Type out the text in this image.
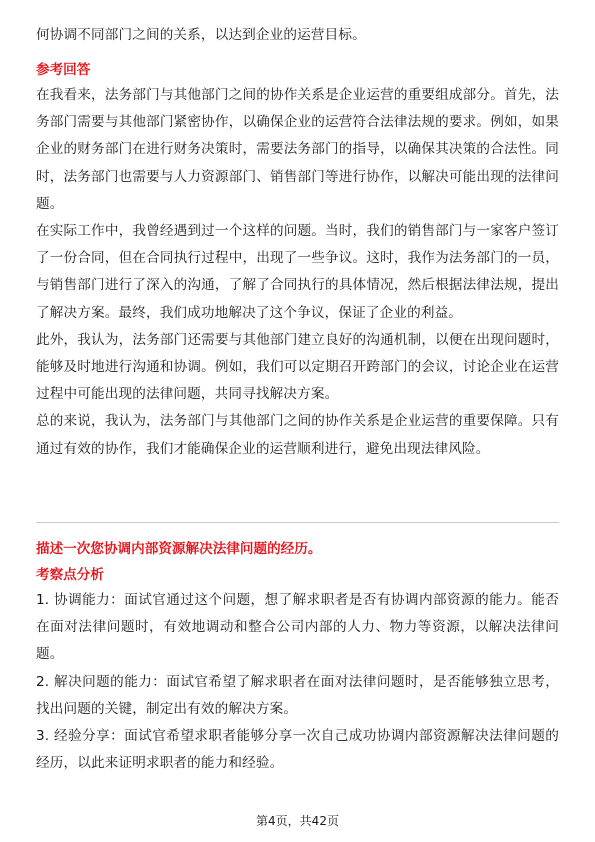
何协调不同部门之间的关系，以达到企业的运营目标。

参考回答

在我看来，法务部门与其他部门之间的协作关系是企业运营的重要组成部分。首先，法务部门需要与其他部门紧密协作，以确保企业的运营符合法律法规的要求。例如，如果企业的财务部门在进行财务决策时，需要法务部门的指导，以确保其决策的合法性。同时，法务部门也需要与人力资源部门、销售部门等进行协作，以解决可能出现的法律问题。

在实际工作中，我曾经遇到过一个这样的问题。当时，我们的销售部门与一家客户签订了一份合同，但在合同执行过程中，出现了一些争议。这时，我作为法务部门的一员，与销售部门进行了深入的沟通，了解了合同执行的具体情况，然后根据法律法规，提出了解决方案。最终，我们成功地解决了这个争议，保证了企业的利益。

此外，我认为，法务部门还需要与其他部门建立良好的沟通机制，以便在出现问题时，能够及时地进行沟通和协调。例如，我们可以定期召开跨部门的会议，讨论企业在运营过程中可能出现的法律问题，共同寻找解决方案。

总的来说，我认为，法务部门与其他部门之间的协作关系是企业运营的重要保障。只有通过有效的协作，我们才能确保企业的运营顺利进行，避免出现法律风险。

描述一次您协调内部资源解决法律问题的经历。

考察点分析

1. 协调能力：面试官通过这个问题，想了解求职者是否有协调内部资源的能力。能否在面对法律问题时，有效地调动和整合公司内部的人力、物力等资源，以解决法律问题。

2. 解决问题的能力：面试官希望了解求职者在面对法律问题时，是否能够独立思考，找出问题的关键，制定出有效的解决方案。

3. 经验分享：面试官希望求职者能够分享一次自己成功协调内部资源解决法律问题的经历，以此来证明求职者的能力和经验。

第4页，共42页
